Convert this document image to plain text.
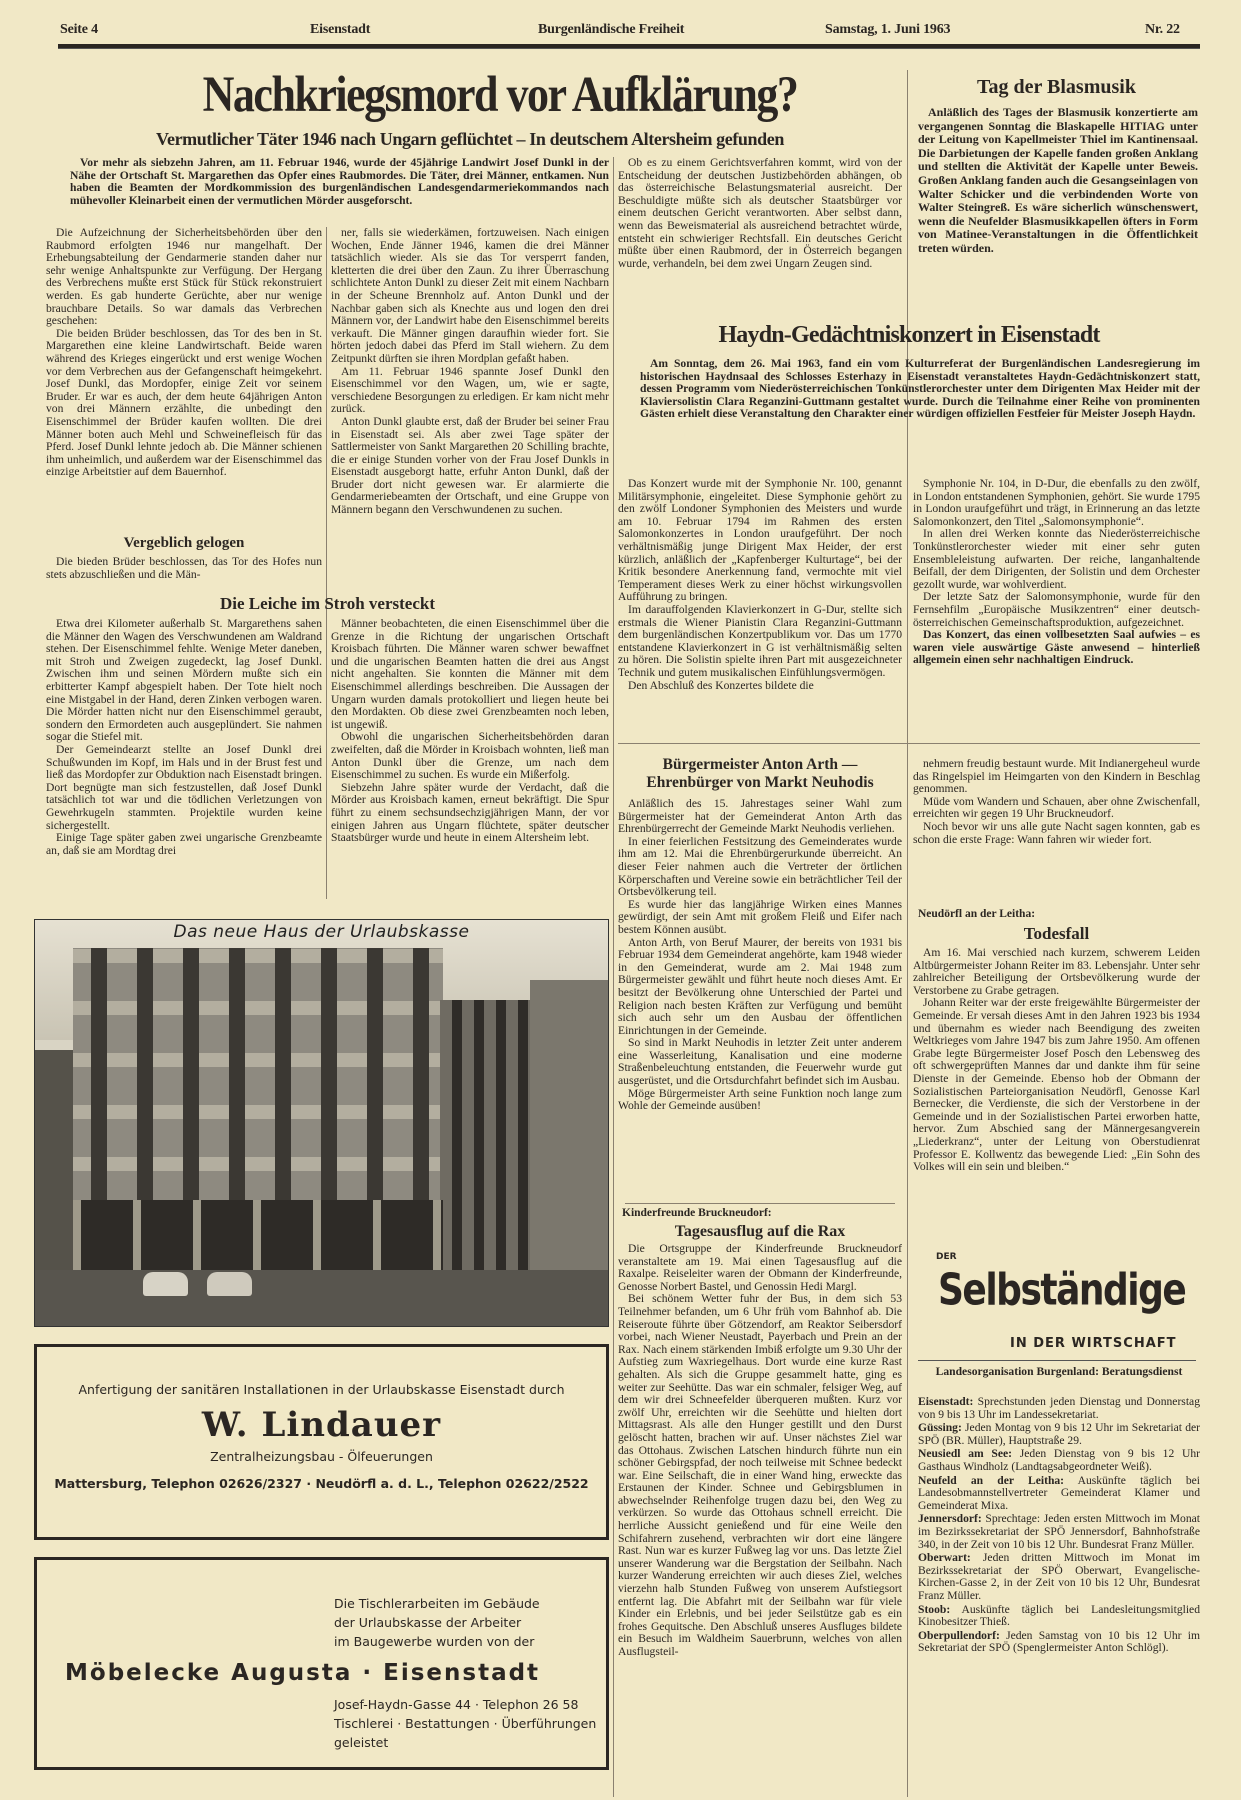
Seite 4	Eisenstadt	Burgenländische Freiheit	Samstag, 1. Juni 1963	Nr. 22
Nachkriegsmord vor Aufklärung?
Vermutlicher Täter 1946 nach Ungarn geflüchtet – In deutschem Altersheim gefunden

Vor mehr als siebzehn Jahren, am 11. Februar 1946, wurde der 45jährige Landwirt Josef Dunkl in der Nähe der Ortschaft St. Margarethen das Opfer eines Raubmordes. Die Täter, drei Männer, entkamen. Nun haben die Beamten der Mordkommission des burgenländischen Landesgendarmeriekommandos nach mühevoller Kleinarbeit einen der vermutlichen Mörder ausgeforscht.

Ob es zu einem Gerichtsverfahren kommt, wird von der Entscheidung der deutschen Justizbehörden abhängen, ob das österreichische Belastungsmaterial ausreicht. Der Beschuldigte müßte sich als deutscher Staatsbürger vor einem deutschen Gericht verantworten. Aber selbst dann, wenn das Beweismaterial als ausreichend betrachtet würde, entsteht ein schwieriger Rechtsfall. Ein deutsches Gericht müßte über einen Raubmord, der in Österreich begangen wurde, verhandeln, bei dem zwei Ungarn Zeugen sind.

Die Aufzeichnung der Sicherheitsbehörden über den Raubmord erfolgten 1946 nur mangelhaft. Der Erhebungsabteilung der Gendarmerie standen daher nur sehr wenige Anhaltspunkte zur Verfügung. Der Hergang des Verbrechens mußte erst Stück für Stück rekonstruiert werden. Es gab hunderte Gerüchte, aber nur wenige brauchbare Details. So war damals das Verbrechen geschehen:

Die beiden Brüder beschlossen, das Tor des ben in St. Margarethen eine kleine Landwirtschaft. Beide waren während des Krieges eingerückt und erst wenige Wochen vor dem Verbrechen aus der Gefangenschaft heimgekehrt. Josef Dunkl, das Mordopfer, einige Zeit vor seinem Bruder. Er war es auch, der dem heute 64jährigen Anton von drei Männern erzählte, die unbedingt den Eisenschimmel der Brüder kaufen wollten. Die drei Männer boten auch Mehl und Schweinefleisch für das Pferd. Josef Dunkl lehnte jedoch ab. Die Männer schienen ihm unheimlich, und außerdem war der Eisenschimmel das einzige Arbeitstier auf dem Bauernhof.

Vergeblich gelogen

Die bieden Brüder beschlossen, das Tor des Hofes nun stets abzuschließen und die Män-

ner, falls sie wiederkämen, fortzuweisen. Nach einigen Wochen, Ende Jänner 1946, kamen die drei Männer tatsächlich wieder. Als sie das Tor versperrt fanden, kletterten die drei über den Zaun. Zu ihrer Überraschung schlichtete Anton Dunkl zu dieser Zeit mit einem Nachbarn in der Scheune Brennholz auf. Anton Dunkl und der Nachbar gaben sich als Knechte aus und logen den drei Männern vor, der Landwirt habe den Eisenschimmel bereits verkauft. Die Männer gingen daraufhin wieder fort. Sie hörten jedoch dabei das Pferd im Stall wiehern. Zu dem Zeitpunkt dürften sie ihren Mordplan gefaßt haben.

Am 11. Februar 1946 spannte Josef Dunkl den Eisenschimmel vor den Wagen, um, wie er sagte, verschiedene Besorgungen zu erledigen. Er kam nicht mehr zurück.

Anton Dunkl glaubte erst, daß der Bruder bei seiner Frau in Eisenstadt sei. Als aber zwei Tage später der Sattlermeister von Sankt Margarethen 20 Schilling brachte, die er einige Stunden vorher von der Frau Josef Dunkls in Eisenstadt ausgeborgt hatte, erfuhr Anton Dunkl, daß der Bruder dort nicht gewesen war. Er alarmierte die Gendarmeriebeamten der Ortschaft, und eine Gruppe von Männern begann den Verschwundenen zu suchen.

Die Leiche im Stroh versteckt

Etwa drei Kilometer außerhalb St. Margarethens sahen die Männer den Wagen des Verschwundenen am Waldrand stehen. Der Eisenschimmel fehlte. Wenige Meter daneben, mit Stroh und Zweigen zugedeckt, lag Josef Dunkl. Zwischen ihm und seinen Mördern mußte sich ein erbitterter Kampf abgespielt haben. Der Tote hielt noch eine Mistgabel in der Hand, deren Zinken verbogen waren. Die Mörder hatten nicht nur den Eisenschimmel geraubt, sondern den Ermordeten auch ausgeplündert. Sie nahmen sogar die Stiefel mit.

Der Gemeindearzt stellte an Josef Dunkl drei Schußwunden im Kopf, im Hals und in der Brust fest und ließ das Mordopfer zur Obduktion nach Eisenstadt bringen. Dort begnügte man sich festzustellen, daß Josef Dunkl tatsächlich tot war und die tödlichen Verletzungen von Gewehrkugeln stammten. Projektile wurden keine sichergestellt.

Einige Tage später gaben zwei ungarische Grenzbeamte an, daß sie am Mordtag drei

Männer beobachteten, die einen Eisenschimmel über die Grenze in die Richtung der ungarischen Ortschaft Kroisbach führten. Die Männer waren schwer bewaffnet und die ungarischen Beamten hatten die drei aus Angst nicht angehalten. Sie konnten die Männer mit dem Eisenschimmel allerdings beschreiben. Die Aussagen der Ungarn wurden damals protokolliert und liegen heute bei den Mordakten. Ob diese zwei Grenzbeamten noch leben, ist ungewiß.

Obwohl die ungarischen Sicherheitsbehörden daran zweifelten, daß die Mörder in Kroisbach wohnten, ließ man Anton Dunkl über die Grenze, um nach dem Eisenschimmel zu suchen. Es wurde ein Mißerfolg.

Siebzehn Jahre später wurde der Verdacht, daß die Mörder aus Kroisbach kamen, erneut bekräftigt. Die Spur führt zu einem sechsundsechzigjährigen Mann, der vor einigen Jahren aus Ungarn flüchtete, später deutscher Staatsbürger wurde und heute in einem Altersheim lebt.

Tag der Blasmusik

Anläßlich des Tages der Blasmusik konzertierte am vergangenen Sonntag die Blaskapelle HITIAG unter der Leitung von Kapellmeister Thiel im Kantinensaal. Die Darbietungen der Kapelle fanden großen Anklang und stellten die Aktivität der Kapelle unter Beweis. Großen Anklang fanden auch die Gesangseinlagen von Walter Schicker und die verbindenden Worte von Walter Steingreß. Es wäre sicherlich wünschenswert, wenn die Neufelder Blasmusikkapellen öfters in Form von Matinee-Veranstaltungen in die Öffentlichkeit treten würden.

Haydn-Gedächtniskonzert in Eisenstadt

Am Sonntag, dem 26. Mai 1963, fand ein vom Kulturreferat der Burgenländischen Landesregierung im historischen Haydnsaal des Schlosses Esterhazy in Eisenstadt veranstaltetes Haydn-Gedächtniskonzert statt, dessen Programm vom Niederösterreichischen Tonkünstlerorchester unter dem Dirigenten Max Heider mit der Klaviersolistin Clara Reganzini-Guttmann gestaltet wurde. Durch die Teilnahme einer Reihe von prominenten Gästen erhielt diese Veranstaltung den Charakter einer würdigen offiziellen Festfeier für Meister Joseph Haydn.

Das Konzert wurde mit der Symphonie Nr. 100, genannt Militärsymphonie, eingeleitet. Diese Symphonie gehört zu den zwölf Londoner Symphonien des Meisters und wurde am 10. Februar 1794 im Rahmen des ersten Salomonkonzertes in London uraufgeführt. Der noch verhältnismäßig junge Dirigent Max Heider, der erst kürzlich, anläßlich der „Kapfenberger Kulturtage“, bei der Kritik besondere Anerkennung fand, vermochte mit viel Temperament dieses Werk zu einer höchst wirkungsvollen Aufführung zu bringen.

Im darauffolgenden Klavierkonzert in G-Dur, stellte sich erstmals die Wiener Pianistin Clara Reganzini-Guttmann dem burgenländischen Konzertpublikum vor. Das um 1770 entstandene Klavierkonzert in G ist verhältnismäßig selten zu hören. Die Solistin spielte ihren Part mit ausgezeichneter Technik und gutem musikalischen Einfühlungsvermögen.

Den Abschluß des Konzertes bildete die

Symphonie Nr. 104, in D-Dur, die ebenfalls zu den zwölf, in London entstandenen Symphonien, gehört. Sie wurde 1795 in London uraufgeführt und trägt, in Erinnerung an das letzte Salomonkonzert, den Titel „Salomonsymphonie“.

In allen drei Werken konnte das Niederösterreichische Tonkünstlerorchester wieder mit einer sehr guten Ensembleleistung aufwarten. Der reiche, langanhaltende Beifall, der dem Dirigenten, der Solistin und dem Orchester gezollt wurde, war wohlverdient.

Der letzte Satz der Salomonsymphonie, wurde für den Fernsehfilm „Europäische Musikzentren“ einer deutsch-österreichischen Gemeinschaftsproduktion, aufgezeichnet.

Das Konzert, das einen vollbesetzten Saal aufwies – es waren viele auswärtige Gäste anwesend – hinterließ allgemein einen sehr nachhaltigen Eindruck.

Bürgermeister Anton Arth — Ehrenbürger von Markt Neuhodis

Anläßlich des 15. Jahrestages seiner Wahl zum Bürgermeister hat der Gemeinderat Anton Arth das Ehrenbürgerrecht der Gemeinde Markt Neuhodis verliehen.

In einer feierlichen Festsitzung des Gemeinderates wurde ihm am 12. Mai die Ehrenbürgerurkunde überreicht. An dieser Feier nahmen auch die Vertreter der örtlichen Körperschaften und Vereine sowie ein beträchtlicher Teil der Ortsbevölkerung teil.

Es wurde hier das langjährige Wirken eines Mannes gewürdigt, der sein Amt mit großem Fleiß und Eifer nach bestem Können ausübt.

Anton Arth, von Beruf Maurer, der bereits von 1931 bis Februar 1934 dem Gemeinderat angehörte, kam 1948 wieder in den Gemeinderat, wurde am 2. Mai 1948 zum Bürgermeister gewählt und führt heute noch dieses Amt. Er besitzt der Bevölkerung ohne Unterschied der Partei und Religion nach besten Kräften zur Verfügung und bemüht sich auch sehr um den Ausbau der öffentlichen Einrichtungen in der Gemeinde.

So sind in Markt Neuhodis in letzter Zeit unter anderem eine Wasserleitung, Kanalisation und eine moderne Straßenbeleuchtung entstanden, die Feuerwehr wurde gut ausgerüstet, und die Ortsdurchfahrt befindet sich im Ausbau.

Möge Bürgermeister Arth seine Funktion noch lange zum Wohle der Gemeinde ausüben!

Kinderfreunde Bruckneudorf:
Tagesausflug auf die Rax

Die Ortsgruppe der Kinderfreunde Bruckneudorf veranstaltete am 19. Mai einen Tagesausflug auf die Raxalpe. Reiseleiter waren der Obmann der Kinderfreunde, Genosse Norbert Bastel, und Genossin Hedi Margl.

Bei schönem Wetter fuhr der Bus, in dem sich 53 Teilnehmer befanden, um 6 Uhr früh vom Bahnhof ab. Die Reiseroute führte über Götzendorf, am Reaktor Seibersdorf vorbei, nach Wiener Neustadt, Payerbach und Prein an der Rax. Nach einem stärkenden Imbiß erfolgte um 9.30 Uhr der Aufstieg zum Waxriegelhaus. Dort wurde eine kurze Rast gehalten. Als sich die Gruppe gesammelt hatte, ging es weiter zur Seehütte. Das war ein schmaler, felsiger Weg, auf dem wir drei Schneefelder überqueren mußten. Kurz vor zwölf Uhr, erreichten wir die Seehütte und hielten dort Mittagsrast. Als alle den Hunger gestillt und den Durst gelöscht hatten, brachen wir auf. Unser nächstes Ziel war das Ottohaus. Zwischen Latschen hindurch führte nun ein schöner Gebirgspfad, der noch teilweise mit Schnee bedeckt war. Eine Seilschaft, die in einer Wand hing, erweckte das Erstaunen der Kinder. Schnee und Gebirgsblumen in abwechselnder Reihenfolge trugen dazu bei, den Weg zu verkürzen. So wurde das Ottohaus schnell erreicht. Die herrliche Aussicht genießend und für eine Weile den Schifahrern zusehend, verbrachten wir dort eine längere Rast. Nun war es kurzer Fußweg lag vor uns. Das letzte Ziel unserer Wanderung war die Bergstation der Seilbahn. Nach kurzer Wanderung erreichten wir auch dieses Ziel, welches vierzehn halb Stunden Fußweg von unserem Aufstiegsort entfernt lag. Die Abfahrt mit der Seilbahn war für viele Kinder ein Erlebnis, und bei jeder Seilstütze gab es ein frohes Gequitsche. Den Abschluß unseres Ausfluges bildete ein Besuch im Waldheim Sauerbrunn, welches von allen Ausflugsteil-

nehmern freudig bestaunt wurde. Mit Indianergeheul wurde das Ringelspiel im Heimgarten von den Kindern in Beschlag genommen.

Müde vom Wandern und Schauen, aber ohne Zwischenfall, erreichten wir gegen 19 Uhr Bruckneudorf.

Noch bevor wir uns alle gute Nacht sagen konnten, gab es schon die erste Frage: Wann fahren wir wieder fort.

Neudörfl an der Leitha:
Todesfall

Am 16. Mai verschied nach kurzem, schwerem Leiden Altbürgermeister Johann Reiter im 83. Lebensjahr. Unter sehr zahlreicher Beteiligung der Ortsbevölkerung wurde der Verstorbene zu Grabe getragen.

Johann Reiter war der erste freigewählte Bürgermeister der Gemeinde. Er versah dieses Amt in den Jahren 1923 bis 1934 und übernahm es wieder nach Beendigung des zweiten Weltkrieges vom Jahre 1947 bis zum Jahre 1950. Am offenen Grabe legte Bürgermeister Josef Posch den Lebensweg des oft schwergeprüften Mannes dar und dankte ihm für seine Dienste in der Gemeinde. Ebenso hob der Obmann der Sozialistischen Parteiorganisation Neudörfl, Genosse Karl Bernecker, die Verdienste, die sich der Verstorbene in der Gemeinde und in der Sozialistischen Partei erworben hatte, hervor. Zum Abschied sang der Männergesangverein „Liederkranz“, unter der Leitung von Oberstudienrat Professor E. Kollwentz das bewegende Lied: „Ein Sohn des Volkes will ein sein und bleiben.“

DER
Selbständige
IN DER WIRTSCHAFT
Landesorganisation Burgenland: Beratungsdienst

Eisenstadt: Sprechstunden jeden Dienstag und Donnerstag von 9 bis 13 Uhr im Landessekretariat.

Güssing: Jeden Montag von 9 bis 12 Uhr im Sekretariat der SPÖ (BR. Müller), Hauptstraße 29.

Neusiedl am See: Jeden Dienstag von 9 bis 12 Uhr Gasthaus Windholz (Landtagsabgeordneter Weiß).

Neufeld an der Leitha: Auskünfte täglich bei Landesobmannstellvertreter Gemeinderat Klamer und Gemeinderat Mixa.

Jennersdorf: Sprechtage: Jeden ersten Mittwoch im Monat im Bezirkssekretariat der SPÖ Jennersdorf, Bahnhofstraße 340, in der Zeit von 10 bis 12 Uhr. Bundesrat Franz Müller.

Oberwart: Jeden dritten Mittwoch im Monat im Bezirkssekretariat der SPÖ Oberwart, Evangelische-Kirchen-Gasse 2, in der Zeit von 10 bis 12 Uhr, Bundesrat Franz Müller.

Stoob: Auskünfte täglich bei Landesleitungsmitglied Kinobesitzer Thieß.

Oberpullendorf: Jeden Samstag von 10 bis 12 Uhr im Sekretariat der SPÖ (Spenglermeister Anton Schlögl).

Das neue Haus der Urlaubskasse
Anfertigung der sanitären Installationen in der Urlaubskasse Eisenstadt durch
W. Lindauer
Zentralheizungsbau - Ölfeuerungen
Mattersburg, Telephon 02626/2327 · Neudörfl a. d. L., Telephon 02622/2522
Die Tischlerarbeiten im Gebäude
der Urlaubskasse der Arbeiter
im Baugewerbe wurden von der
Möbelecke Augusta · Eisenstadt
Josef-Haydn-Gasse 44 · Telephon 26 58
Tischlerei · Bestattungen · Überführungen
geleistet
